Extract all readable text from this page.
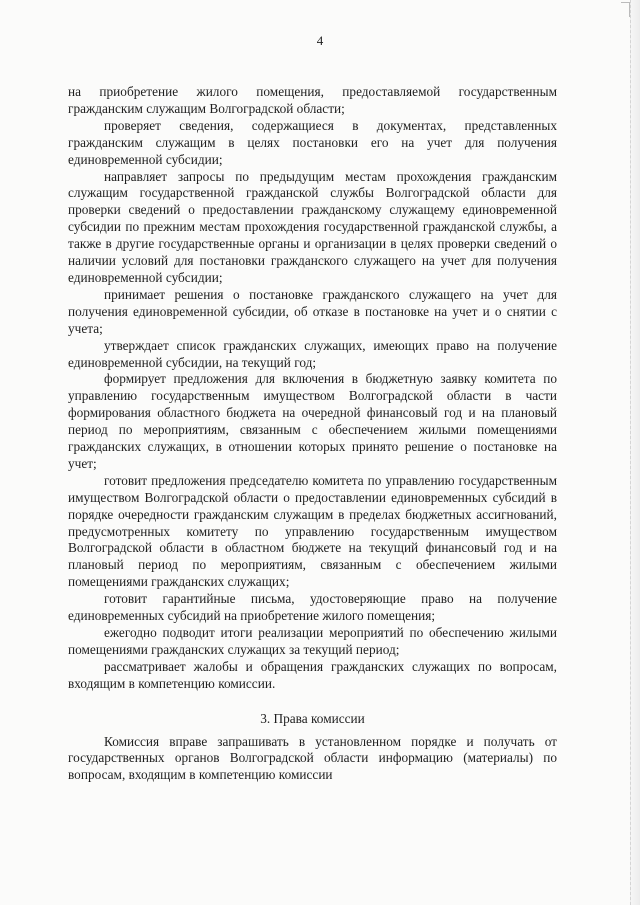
4

на приобретение жилого помещения, предоставляемой государственным гражданским служащим Волгоградской области;

проверяет сведения, содержащиеся в документах, представленных гражданским служащим в целях постановки его на учет для получения единовременной субсидии;

направляет запросы по предыдущим местам прохождения гражданским служащим государственной гражданской службы Волгоградской области для проверки сведений о предоставлении гражданскому служащему единовременной субсидии по прежним местам прохождения государственной гражданской службы, а также в другие государственные органы и организации в целях проверки сведений о наличии условий для постановки гражданского служащего на учет для получения единовременной субсидии;

принимает решения о постановке гражданского служащего на учет для получения единовременной субсидии, об отказе в постановке на учет и о снятии с учета;

утверждает список гражданских служащих, имеющих право на получение единовременной субсидии, на текущий год;

формирует предложения для включения в бюджетную заявку комитета по управлению государственным имуществом Волгоградской области в части формирования областного бюджета на очередной финансовый год и на плановый период по мероприятиям, связанным с обеспечением жилыми помещениями гражданских служащих, в отношении которых принято решение о постановке на учет;

готовит предложения председателю комитета по управлению государственным имуществом Волгоградской области о предоставлении единовременных субсидий в порядке очередности гражданским служащим в пределах бюджетных ассигнований, предусмотренных комитету по управлению государственным имуществом Волгоградской области в областном бюджете на текущий финансовый год и на плановый период по мероприятиям, связанным с обеспечением жилыми помещениями гражданских служащих;

готовит гарантийные письма, удостоверяющие право на получение единовременных субсидий на приобретение жилого помещения;

ежегодно подводит итоги реализации мероприятий по обеспечению жилыми помещениями гражданских служащих за текущий период;

рассматривает жалобы и обращения гражданских служащих по вопросам, входящим в компетенцию комиссии.

3. Права комиссии

Комиссия вправе запрашивать в установленном порядке и получать от государственных органов Волгоградской области информацию (материалы) по вопросам, входящим в компетенцию комиссии
